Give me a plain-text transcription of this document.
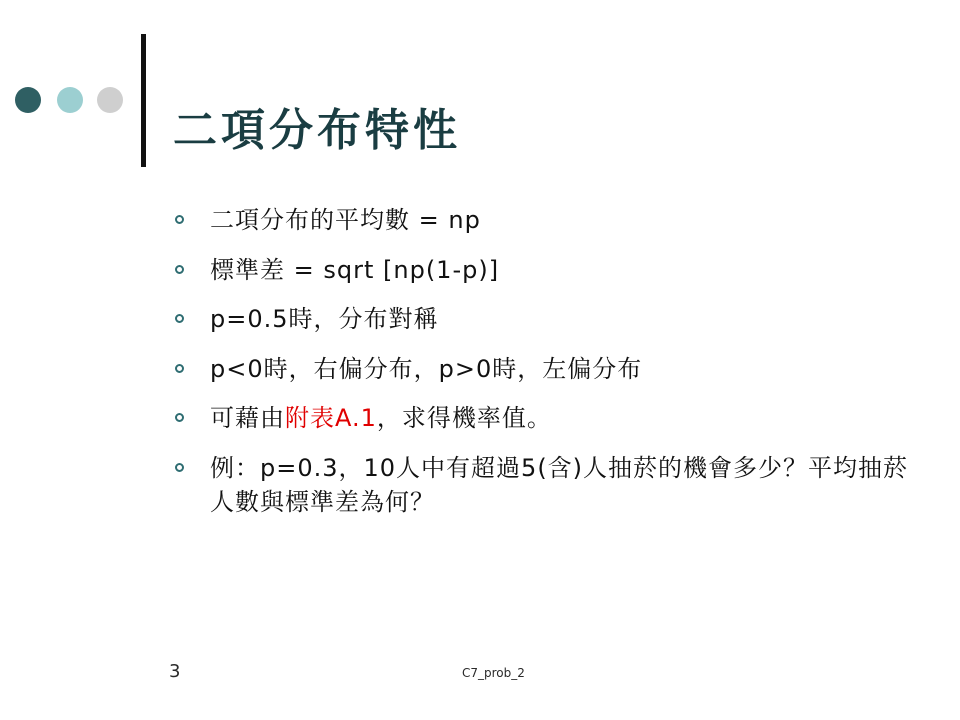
二項分布特性
二項分布的平均數 = np
標準差 = sqrt [np(1-p)]
p=0.5時，分布對稱
p<0時，右偏分布，p>0時，左偏分布
可藉由附表A.1，求得機率值。
例：p=0.3，10人中有超過5(含)人抽菸的機會多少？平均抽菸人數與標準差為何？
3	C7_prob_2
